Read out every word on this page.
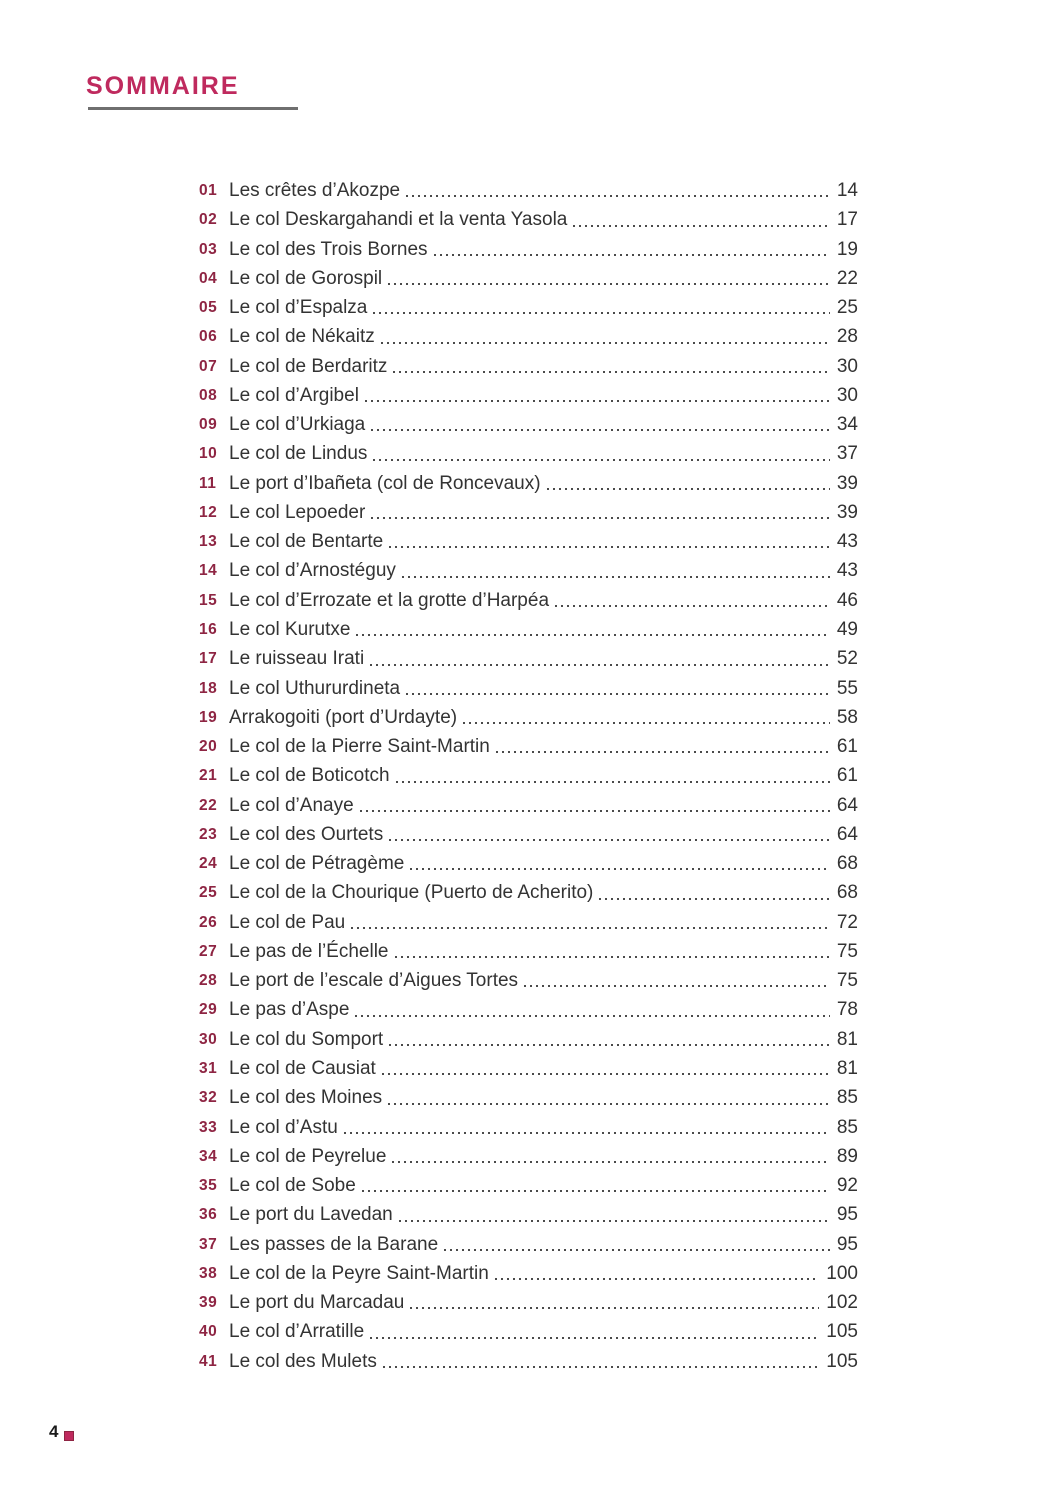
SOMMAIRE
01 Les crêtes d’Akozpe	14
02 Le col Deskargahandi et la venta Yasola	17
03 Le col des Trois Bornes	19
04 Le col de Gorospil	22
05 Le col d’Espalza	25
06 Le col de Nékaitz	28
07 Le col de Berdaritz	30
08 Le col d’Argibel	30
09 Le col d’Urkiaga	34
10 Le col de Lindus	37
11 Le port d’Ibañeta (col de Roncevaux)	39
12 Le col Lepoeder	39
13 Le col de Bentarte	43
14 Le col d’Arnostéguy	43
15 Le col d’Errozate et la grotte d’Harpéa	46
16 Le col Kurutxe	49
17 Le ruisseau Irati	52
18 Le col Uthururdineta	55
19 Arrakogoiti (port d’Urdayte)	58
20 Le col de la Pierre Saint-Martin	61
21 Le col de Boticotch	61
22 Le col d’Anaye	64
23 Le col des Ourtets	64
24 Le col de Pétragème	68
25 Le col de la Chourique (Puerto de Acherito)	68
26 Le col de Pau	72
27 Le pas de l’Échelle	75
28 Le port de l’escale d’Aigues Tortes	75
29 Le pas d’Aspe	78
30 Le col du Somport	81
31 Le col de Causiat	81
32 Le col des Moines	85
33 Le col d’Astu	85
34 Le col de Peyrelue	89
35 Le col de Sobe	92
36 Le port du Lavedan	95
37 Les passes de la Barane	95
38 Le col de la Peyre Saint-Martin	100
39 Le port du Marcadau	102
40 Le col d’Arratille	105
41 Le col des Mulets	105
4
